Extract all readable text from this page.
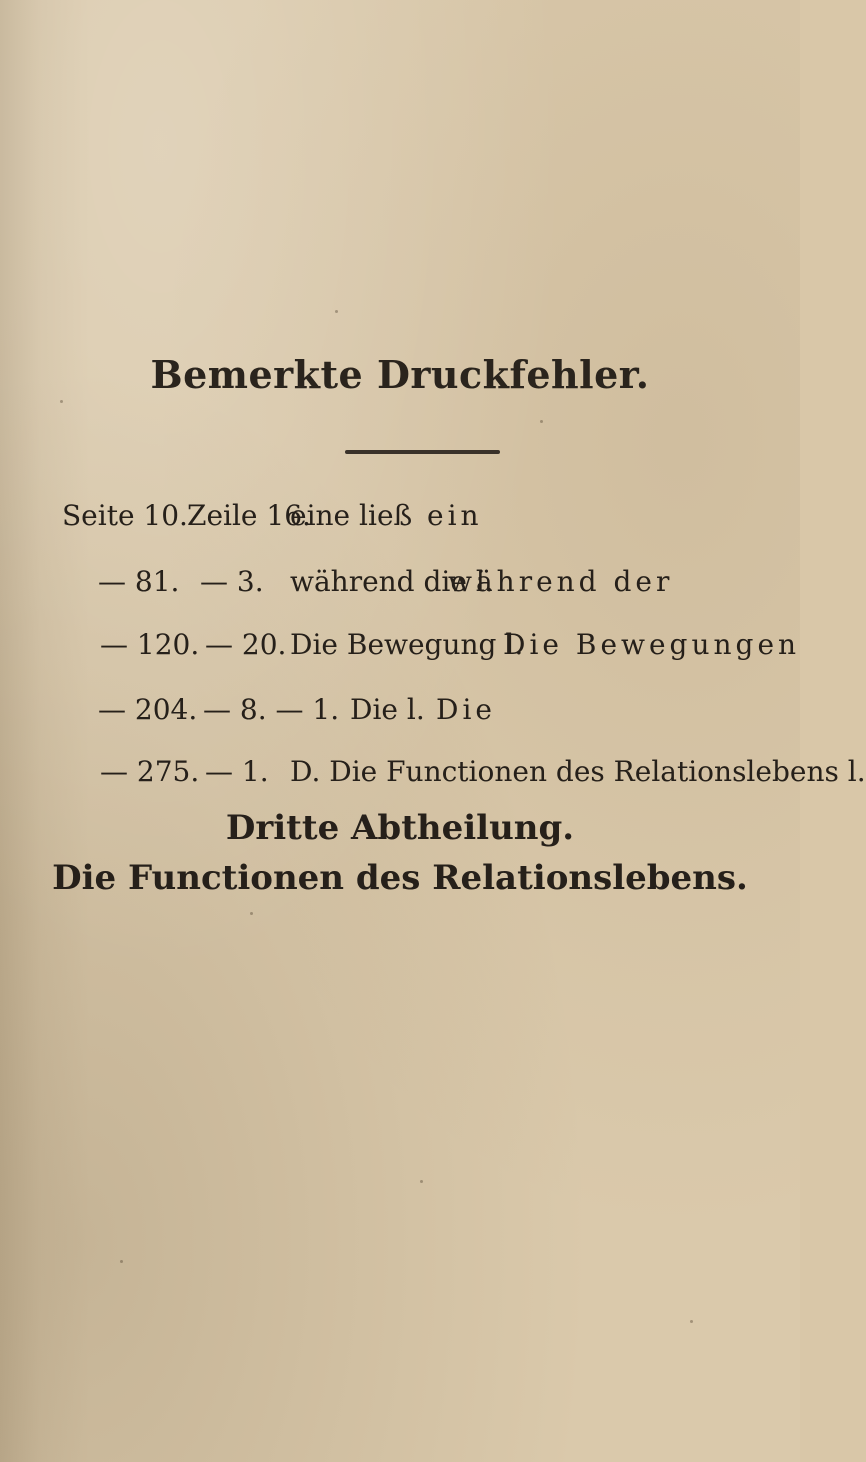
Bemerkte Druckfehler.
Seite 10. Zeile 16.
eine ließ ein
— 81. — 3. während die l.
während der
— 120. — 20. Die Bewegung l.
Die Bewegungen
— 204. — 8. — 1. Die l. Die
— 275. — 1. D. Die Functionen des Relationslebens l.
Dritte Abtheilung.
Die Functionen des Relationslebens.
